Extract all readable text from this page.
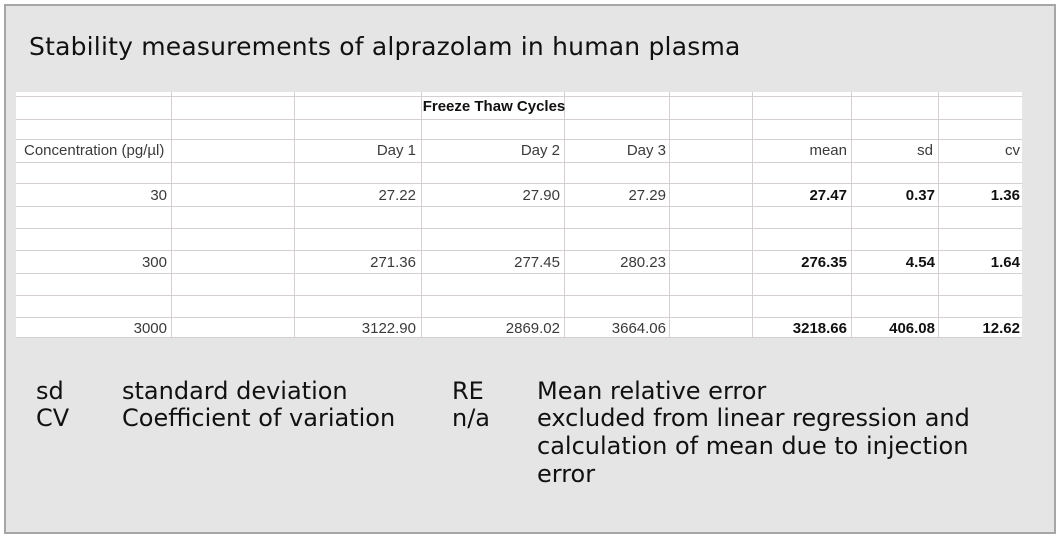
Stability measurements of alprazolam in human plasma
Freeze Thaw Cycles
Concentration (pg/µl)	Day 1	Day 2	Day 3	mean	sd	cv
30	27.22	27.90	27.29	27.47	0.37	1.36
300	271.36	277.45	280.23	276.35	4.54	1.64
3000	3122.90	2869.02	3664.06	3218.66	406.08	12.62
sd standard deviation
CV Coefficient of variation
RE Mean relative error
n/a excluded from linear regression and
calculation of mean due to injection
error
